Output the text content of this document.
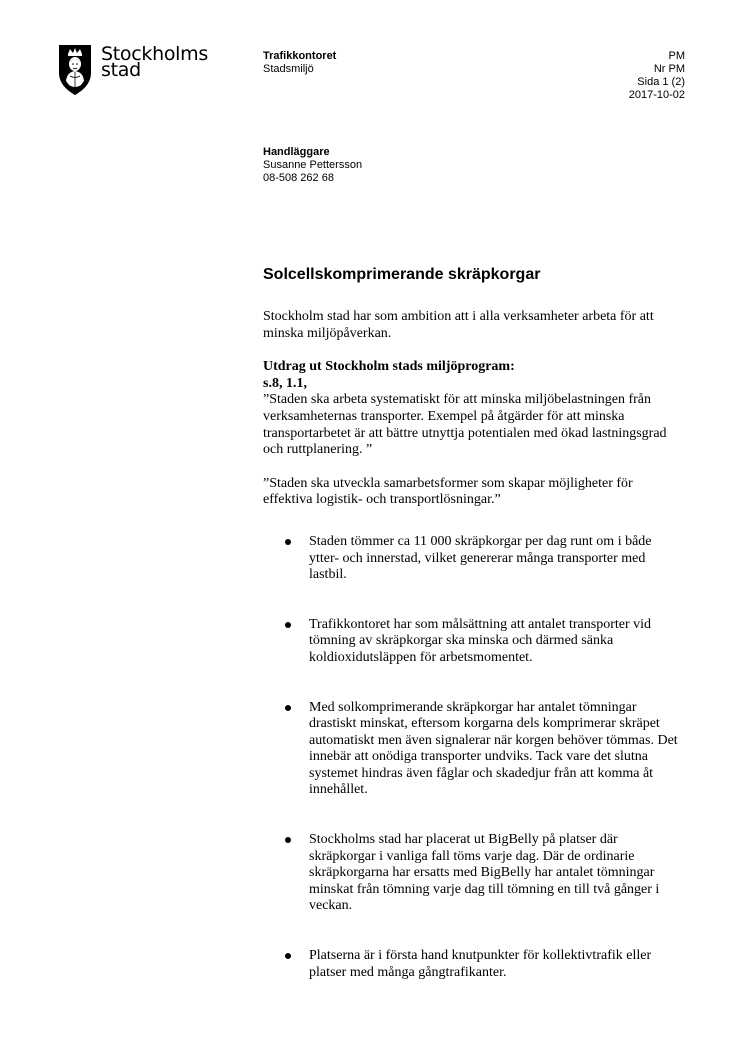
Stockholms
stad
Trafikkontoret
Stadsmiljö
PM
Nr PM
Sida 1 (2)
2017-10-02
Handläggare
Susanne Pettersson
08-508 262 68
Solcellskomprimerande skräpkorgar

Stockholm stad har som ambition att i alla verksamheter arbeta för att minska miljöpåverkan.

Utdrag ut Stockholm stads miljöprogram:

s.8, 1.1,

”Staden ska arbeta systematiskt för att minska miljöbelastningen från verksamheternas transporter. Exempel på åtgärder för att minska transportarbetet är att bättre utnyttja potentialen med ökad lastningsgrad och ruttplanering. ”

”Staden ska utveckla samarbetsformer som skapar möjligheter för effektiva logistik- och transportlösningar.”

Staden tömmer ca 11 000 skräpkorgar per dag runt om i både ytter- och innerstad, vilket genererar många transporter med lastbil.
Trafikkontoret har som målsättning att antalet transporter vid tömning av skräpkorgar ska minska och därmed sänka koldioxidutsläppen för arbetsmomentet.
Med solkomprimerande skräpkorgar har antalet tömningar drastiskt minskat, eftersom korgarna dels komprimerar skräpet automatiskt men även signalerar när korgen behöver tömmas. Det innebär att onödiga transporter undviks. Tack vare det slutna systemet hindras även fåglar och skadedjur från att komma åt innehållet.
Stockholms stad har placerat ut BigBelly på platser där skräpkorgar i vanliga fall töms varje dag. Där de ordinarie skräpkorgarna har ersatts med BigBelly har antalet tömningar minskat från tömning varje dag till tömning en till två gånger i veckan.
Platserna är i första hand knutpunkter för kollektivtrafik eller platser med många gångtrafikanter.
